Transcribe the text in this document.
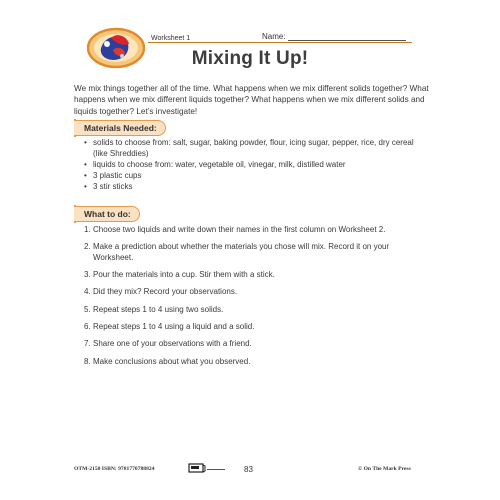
Worksheet 1	Name:
Mixing It Up!
We mix things together all of the time. What happens when we mix different solids together? What happens when we mix different liquids together? What happens when we mix different solids and liquids together? Let’s investigate!
Materials Needed:
• solids to choose from: salt, sugar, baking powder, flour, icing sugar, pepper, rice, dry cereal (like Shreddies)
• liquids to choose from: water, vegetable oil, vinegar, milk, distilled water
• 3 plastic cups
• 3 stir sticks
What to do:
1. Choose two liquids and write down their names in the first column on Worksheet 2.
2. Make a prediction about whether the materials you chose will mix. Record it on your Worksheet.
3. Pour the materials into a cup. Stir them with a stick.
4. Did they mix? Record your observations.
5. Repeat steps 1 to 4 using two solids.
6. Repeat steps 1 to 4 using a liquid and a solid.
7. Share one of your observations with a friend.
8. Make conclusions about what you observed.
OTM-2150 ISBN: 9781770788824	83	© On The Mark Press
